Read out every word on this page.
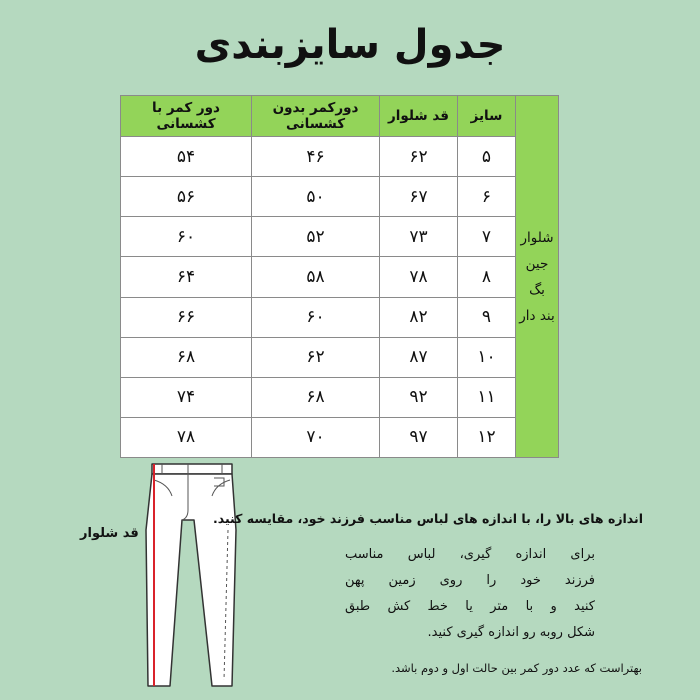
جدول سایزبندی
شلوار
جین بگ
بند دار	سایز	قد شلوار	دورکمر بدون کشسانی	دور کمر با کشسانی
	۵	۶۲	۴۶	۵۴
	۶	۶۷	۵۰	۵۶
	۷	۷۳	۵۲	۶۰
	۸	۷۸	۵۸	۶۴
	۹	۸۲	۶۰	۶۶
	۱۰	۸۷	۶۲	۶۸
	۱۱	۹۲	۶۸	۷۴
	۱۲	۹۷	۷۰	۷۸
قد شلوار
اندازه های بالا را، با اندازه های لباس مناسب فرزند خود، مقایسه کنید.
برای اندازه گیری، لباس مناسب
فرزند خود را روی زمین پهن
کنید و با متر یا خط کش طبق
شکل روبه رو اندازه گیری کنید.
بهتراست که عدد دور کمر بین حالت اول و دوم باشد.
